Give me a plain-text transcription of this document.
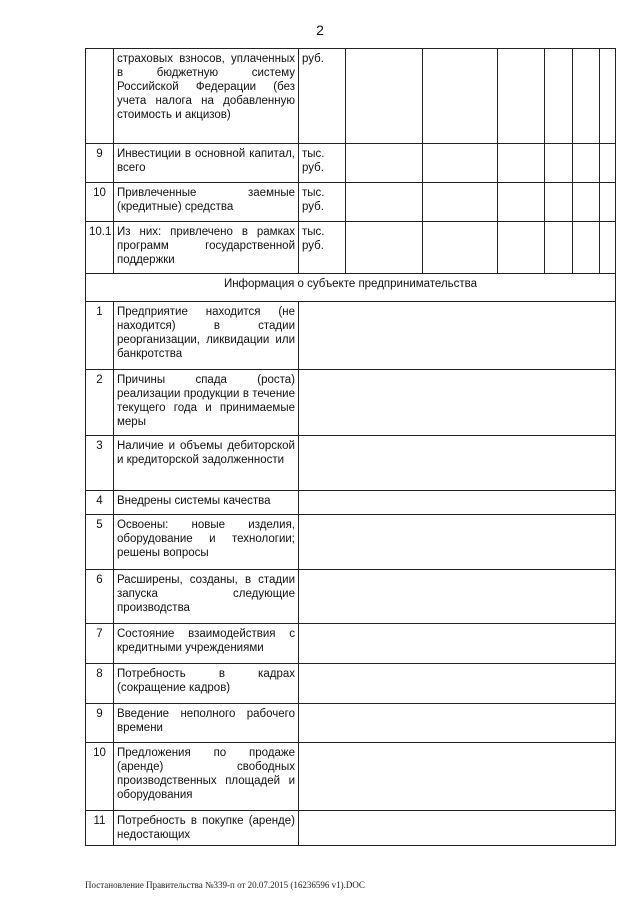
2
	страховых взносов, уплаченных в бюджетную систему Российской Федерации (без учета налога на добавленную стоимость и акцизов)	руб.						
9	Инвестиции в основной капитал, всего	тыс. руб.						
10	Привлеченные заемные (кредитные) средства	тыс. руб.						
10.1	Из них: привлечено в рамках программ государственной поддержки	тыс. руб.						
Информация о субъекте предпринимательства								
1	Предприятие находится (не находится) в стадии реорганизации, ликвидации или банкротства							
2	Причины спада (роста) реализации продукции в течение текущего года и принимаемые меры							
3	Наличие и объемы дебиторской и кредиторской задолженности							
4	Внедрены системы качества							
5	Освоены: новые изделия, оборудование и технологии; решены вопросы							
6	Расширены, созданы, в стадии запуска следующие производства							
7	Состояние взаимодействия с кредитными учреждениями							
8	Потребность в кадрах (сокращение кадров)							
9	Введение неполного рабочего времени							
10	Предложения по продаже (аренде) свободных производственных площадей и оборудования							
11	Потребность в покупке (аренде) недостающих							
Постановление Правительства №339-п от 20.07.2015 (16236596 v1).DOC
